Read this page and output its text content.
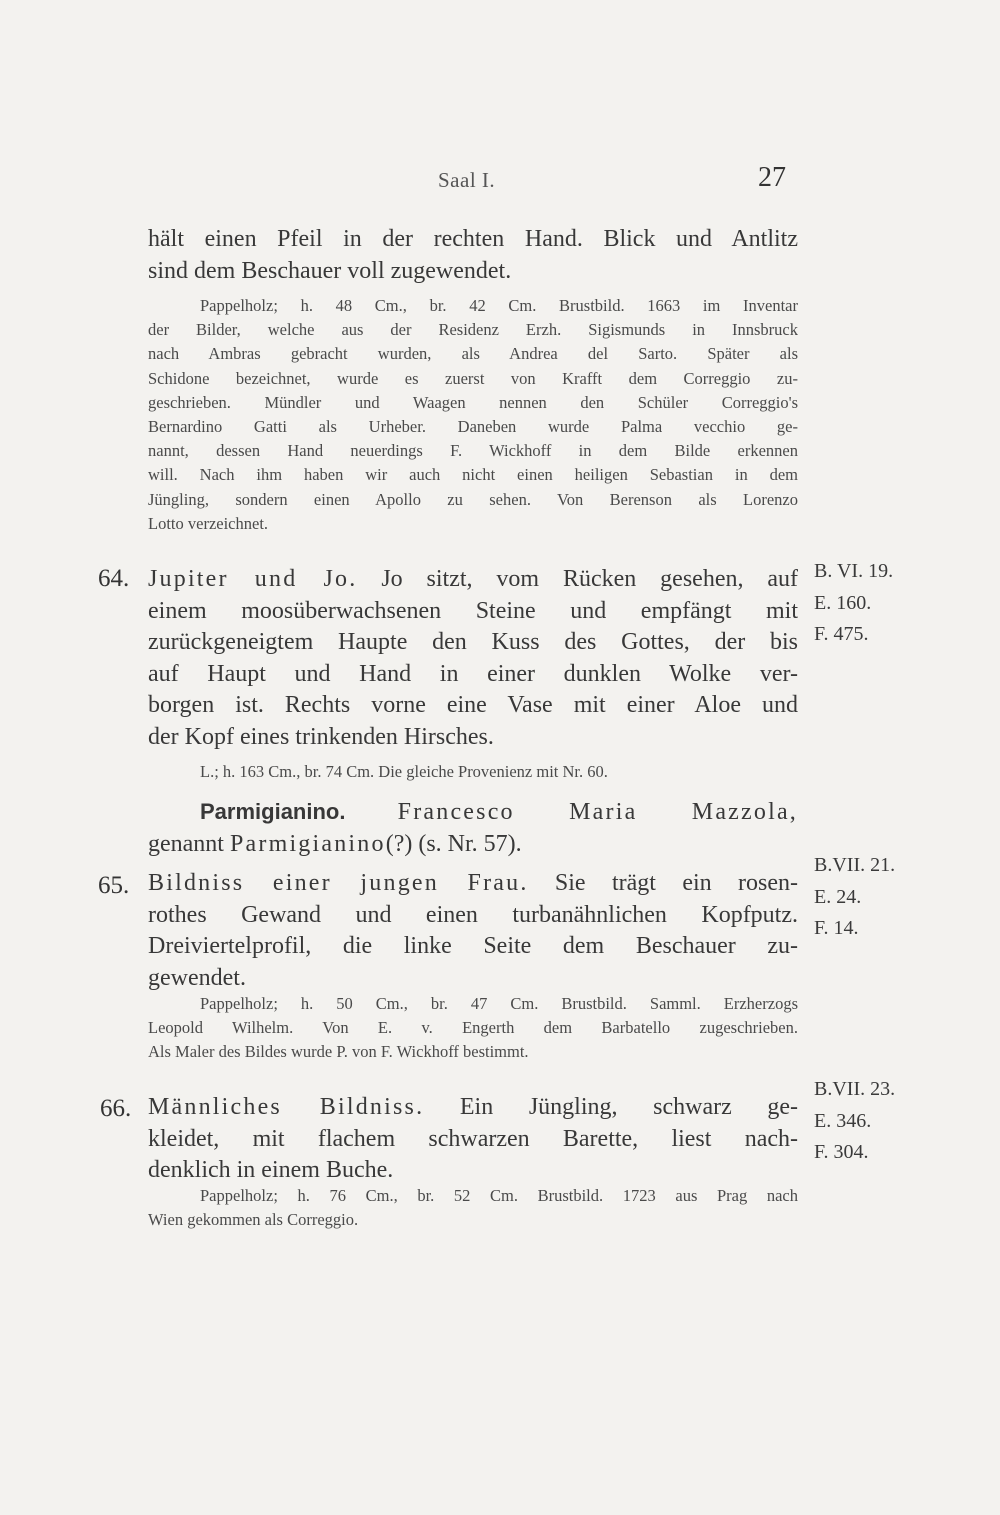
Saal I.	27
hält einen Pfeil in der rechten Hand. Blick und Antlitz
sind dem Beschauer voll zugewendet.
Pappelholz; h. 48 Cm., br. 42 Cm. Brustbild. 1663 im Inventar
der Bilder, welche aus der Residenz Erzh. Sigismunds in Innsbruck
nach Ambras gebracht wurden, als Andrea del Sarto. Später als
Schidone bezeichnet, wurde es zuerst von Krafft dem Correggio zu-
geschrieben. Mündler und Waagen nennen den Schüler Correggio's
Bernardino Gatti als Urheber. Daneben wurde Palma vecchio ge-
nannt, dessen Hand neuerdings F. Wickhoff in dem Bilde erkennen
will. Nach ihm haben wir auch nicht einen heiligen Sebastian in dem
Jüngling, sondern einen Apollo zu sehen. Von Berenson als Lorenzo
Lotto verzeichnet.
64. Jupiter und Jo. Jo sitzt, vom Rücken gesehen, auf
einem moosüberwachsenen Steine und empfängt mit
zurückgeneigtem Haupte den Kuss des Gottes, der bis
auf Haupt und Hand in einer dunklen Wolke ver-
borgen ist. Rechts vorne eine Vase mit einer Aloe und
der Kopf eines trinkenden Hirsches.
B. VI. 19.
E. 160.
F. 475.
L.; h. 163 Cm., br. 74 Cm. Die gleiche Provenienz mit Nr. 60.
Parmigianino. Francesco Maria Mazzola,
genannt Parmigianino(?) (s. Nr. 57).
65. Bildniss einer jungen Frau. Sie trägt ein rosen-
rothes Gewand und einen turbanähnlichen Kopfputz.
Dreiviertelprofil, die linke Seite dem Beschauer zu-
gewendet.
B.VII. 21.
E. 24.
F. 14.
Pappelholz; h. 50 Cm., br. 47 Cm. Brustbild. Samml. Erzherzogs
Leopold Wilhelm. Von E. v. Engerth dem Barbatello zugeschrieben.
Als Maler des Bildes wurde P. von F. Wickhoff bestimmt.
66. Männliches Bildniss. Ein Jüngling, schwarz ge-
kleidet, mit flachem schwarzen Barette, liest nach-
denklich in einem Buche.
B.VII. 23.
E. 346.
F. 304.
Pappelholz; h. 76 Cm., br. 52 Cm. Brustbild. 1723 aus Prag nach
Wien gekommen als Correggio.
